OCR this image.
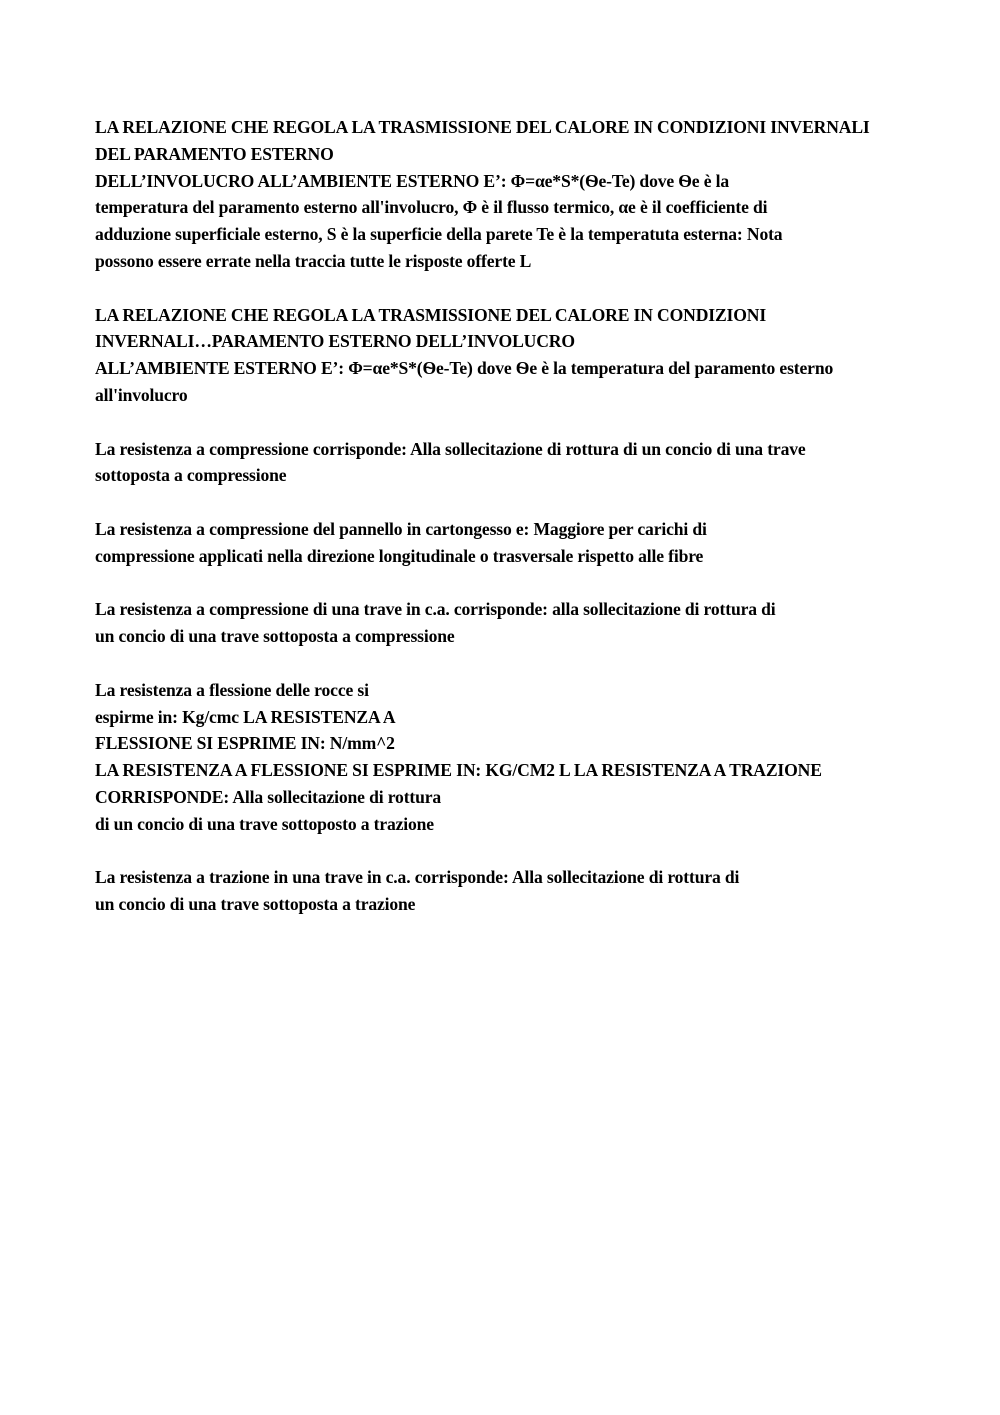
LA RELAZIONE CHE REGOLA LA TRASMISSIONE DEL CALORE IN CONDIZIONI INVERNALI
DEL PARAMENTO ESTERNO
DELL’INVOLUCRO ALL’AMBIENTE ESTERNO E’: Φ=αe*S*(Ѳe-Te) dove Ѳe è la
temperatura del paramento esterno all'involucro, Φ è il flusso termico, αe è il coefficiente di
adduzione superficiale esterno, S è la superficie della parete Te è la temperatuta esterna: Nota
possono essere errate nella traccia tutte le risposte offerte L

LA RELAZIONE CHE REGOLA LA TRASMISSIONE DEL CALORE IN CONDIZIONI
INVERNALI…PARAMENTO ESTERNO DELL’INVOLUCRO
ALL’AMBIENTE ESTERNO E’: Φ=αe*S*(Ѳe-Te) dove Ѳe è la temperatura del paramento esterno
all'involucro

La resistenza a compressione corrisponde: Alla sollecitazione di rottura di un concio di una trave
sottoposta a compressione

La resistenza a compressione del pannello in cartongesso e: Maggiore per carichi di
compressione applicati nella direzione longitudinale o trasversale rispetto alle fibre

La resistenza a compressione di una trave in c.a. corrisponde: alla sollecitazione di rottura di
un concio di una trave sottoposta a compressione

La resistenza a flessione delle rocce si
espirme in: Kg/cmc LA RESISTENZA A
FLESSIONE SI ESPRIME IN: N/mm^2
LA RESISTENZA A FLESSIONE SI ESPRIME IN: KG/CM2 L LA RESISTENZA A TRAZIONE
CORRISPONDE: Alla sollecitazione di rottura
di un concio di una trave sottoposto a trazione

La resistenza a trazione in una trave in c.a. corrisponde: Alla sollecitazione di rottura di
un concio di una trave sottoposta a trazione
